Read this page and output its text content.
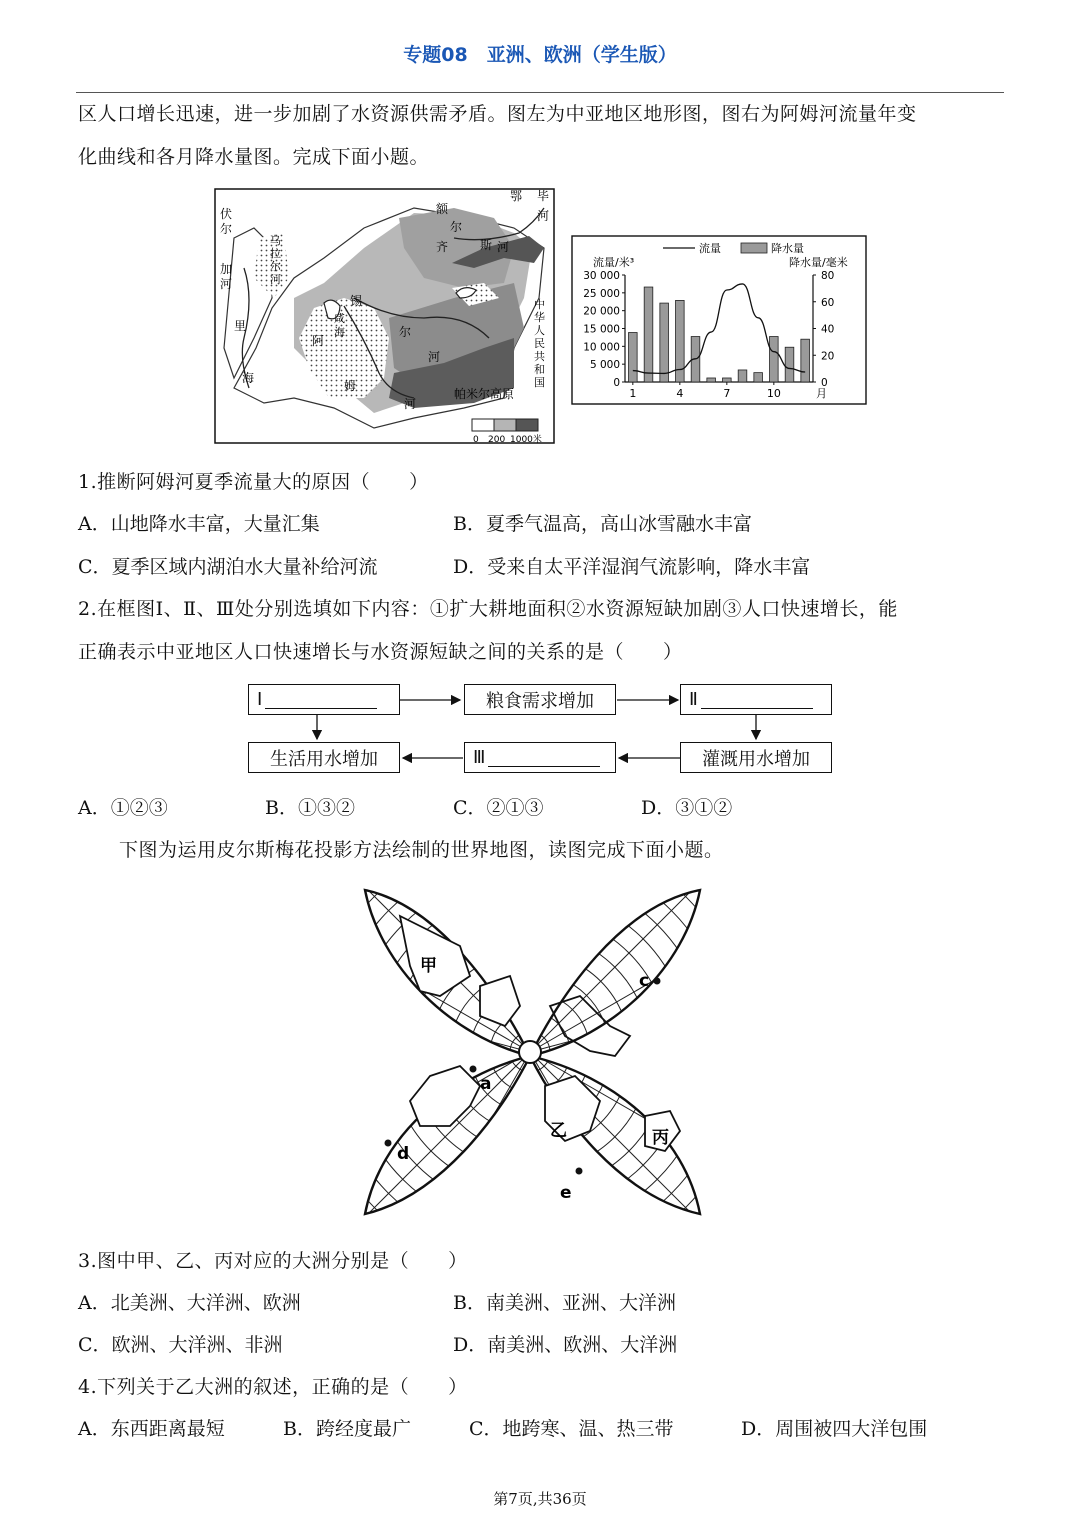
专题08　亚洲、欧洲（学生版）
区人口增长迅速，进一步加剧了水资源供需矛盾。图左为中亚地区地形图，图右为阿姆河流量年变
化曲线和各月降水量图。完成下面小题。
伏
尔
加
河
里
海
乌
拉
尔
河
锡
尔
河
咸
海
阿
姆
河
额
尔
齐	斯 河
鄂 毕
河
中
华
人
民
共
和
国
帕米尔高原
0 200 1000米
流量	降水量
流量/米³	降水量/毫米
30 000
25 000
20 000
15 000
10 000
5 000
0
80
60
40
20
0
1	4	7	10	月
1.推断阿姆河夏季流量大的原因（　　）
A．山地降水丰富，大量汇集	B．夏季气温高，高山冰雪融水丰富
C．夏季区域内湖泊水大量补给河流	D．受来自太平洋湿润气流影响，降水丰富
2.在框图Ⅰ、Ⅱ、Ⅲ处分别选填如下内容：①扩大耕地面积②水资源短缺加剧③人口快速增长，能
正确表示中亚地区人口快速增长与水资源短缺之间的关系的是（　　）
Ⅰ	粮食需求增加	Ⅱ
生活用水增加	Ⅲ	灌溉用水增加
A．①②③	B．①③②	C．②①③	D．③①②
下图为运用皮尔斯梅花投影方法绘制的世界地图，读图完成下面小题。
甲
乙	丙
a
c
d
e
3.图中甲、乙、丙对应的大洲分别是（　　）
A．北美洲、大洋洲、欧洲	B．南美洲、亚洲、大洋洲
C．欧洲、大洋洲、非洲	D．南美洲、欧洲、大洋洲
4.下列关于乙大洲的叙述，正确的是（　　）
A．东西距离最短	B．跨经度最广	C．地跨寒、温、热三带	D．周围被四大洋包围
第7页,共36页
